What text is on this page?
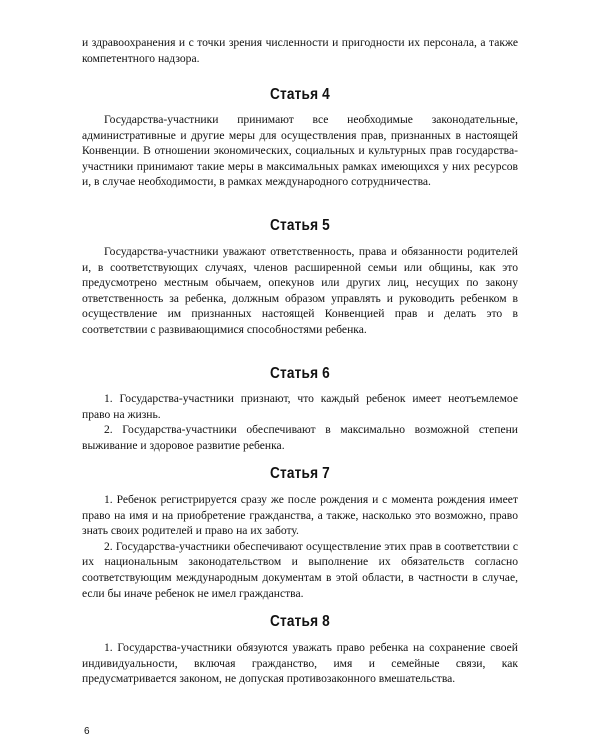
и здравоохранения и с точки зрения численности и пригодности их персонала, а также компетентного надзора.

Статья 4

Государства-участники принимают все необходимые законодательные, административные и другие меры для осуществления прав, признанных в настоящей Конвенции. В отношении экономических, социальных и культурных прав государства-участники принимают такие меры в максимальных рамках имеющихся у них ресурсов и, в случае необходимости, в рамках международного сотрудничества.

Статья 5

Государства-участники уважают ответственность, права и обязанности родителей и, в соответствующих случаях, членов расширенной семьи или общины, как это предусмотрено местным обычаем, опекунов или других лиц, несущих по закону ответственность за ребенка, должным образом управлять и руководить ребенком в осуществление им признанных настоящей Конвенцией прав и делать это в соответствии с развивающимися способностями ребенка.

Статья 6

1. Государства-участники признают, что каждый ребенок имеет неотъемлемое право на жизнь.

2. Государства-участники обеспечивают в максимально возможной степени выживание и здоровое развитие ребенка.

Статья 7

1. Ребенок регистрируется сразу же после рождения и с момента рождения имеет право на имя и на приобретение гражданства, а также, насколько это возможно, право знать своих родителей и право на их заботу.

2. Государства-участники обеспечивают осуществление этих прав в соответствии с их национальным законодательством и выполнение их обязательств согласно соответствующим международным документам в этой области, в частности в случае, если бы иначе ребенок не имел гражданства.

Статья 8

1. Государства-участники обязуются уважать право ребенка на сохранение своей индивидуальности, включая гражданство, имя и семейные связи, как предусматривается законом, не допуская противозаконного вмешательства.

6
